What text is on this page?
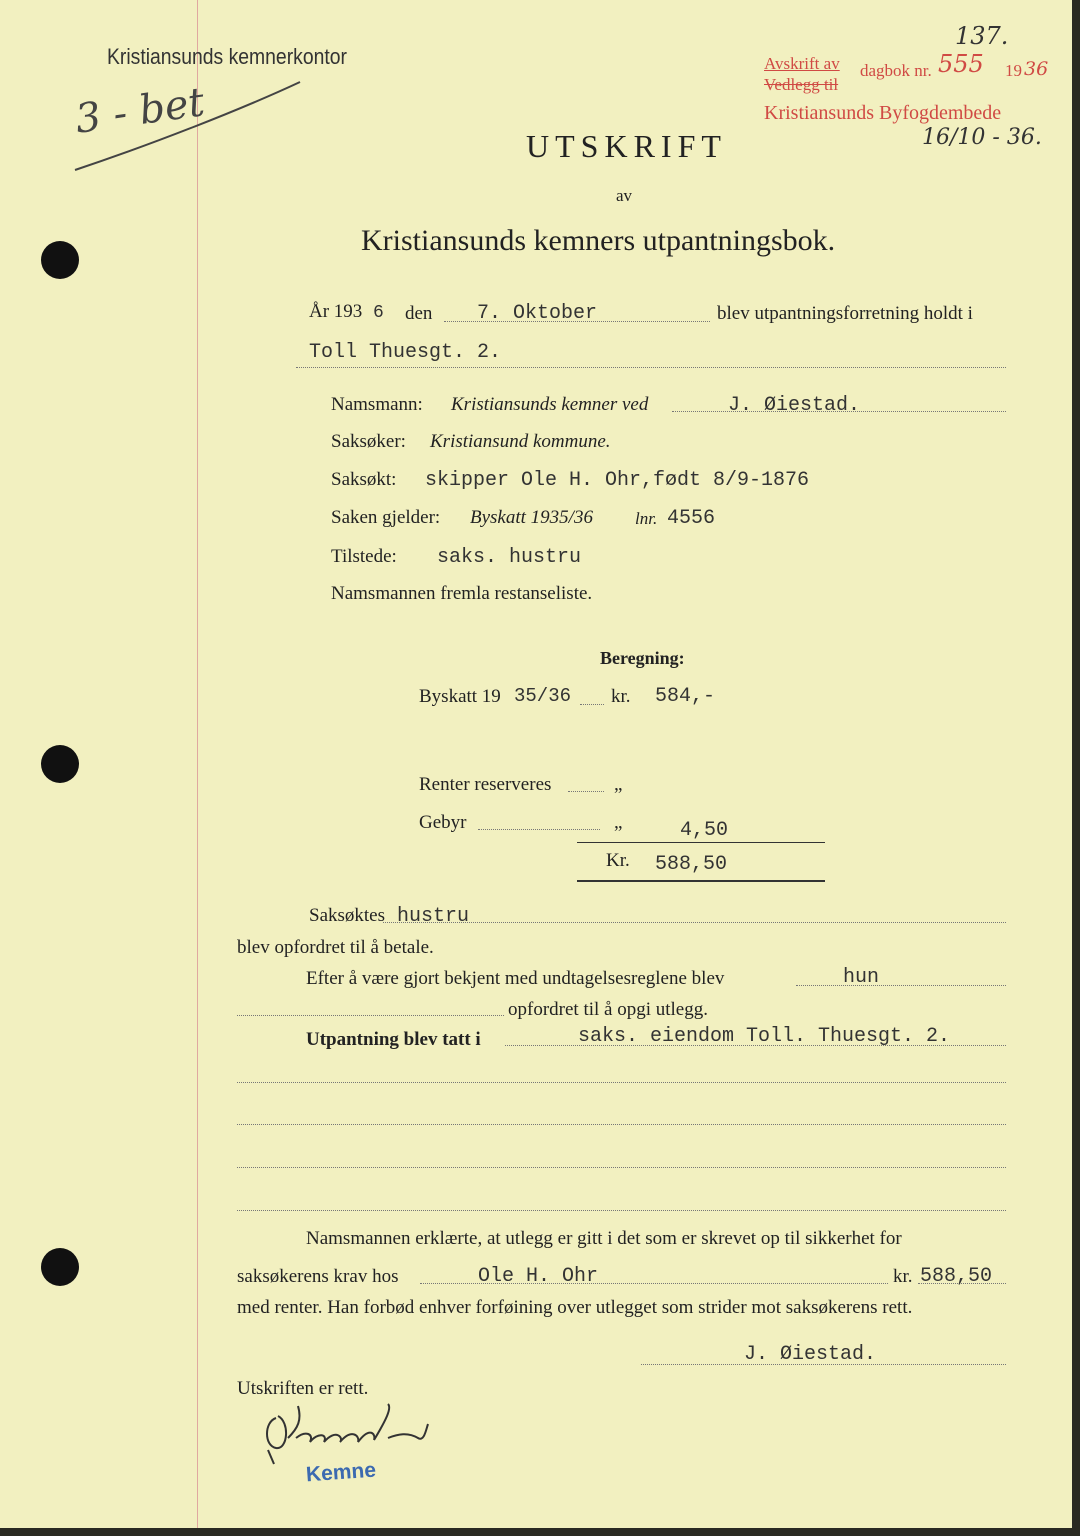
Kristiansunds kemnerkontor
3 - bet
137.
Avskrift av
Vedlegg til
dagbok nr. 555 19 36
Kristiansunds Byfogdembede
16/10 - 36.
UTSKRIFT
av
Kristiansunds kemners utpantningsbok.
År 193 6 den 7. Oktober	blev utpantningsforretning holdt i
Toll Thuesgt. 2.
Namsmann: Kristiansunds kemner ved	J. Øiestad.
Saksøker: Kristiansund kommune.
Saksøkt: skipper Ole H. Ohr,født 8/9-1876
Saken gjelder: Byskatt 1935/36 lnr. 4556
Tilstede: saks. hustru
Namsmannen fremla restanseliste.
Beregning:
Byskatt 19 35/36 kr. 584,-
Renter reserveres	„
Gebyr	„	4,50
Kr. 588,50
Saksøktes hustru
blev opfordret til å betale.
Efter å være gjort bekjent med undtagelsesreglene blev	hun
opfordret til å opgi utlegg.
Utpantning blev tatt i	saks. eiendom Toll. Thuesgt. 2.
Namsmannen erklærte, at utlegg er gitt i det som er skrevet op til sikkerhet for
saksøkerens krav hos	Ole H. Ohr	kr. 588,50
med renter. Han forbød enhver forføining over utlegget som strider mot saksøkerens rett.
J. Øiestad.
Utskriften er rett.
Kemne
